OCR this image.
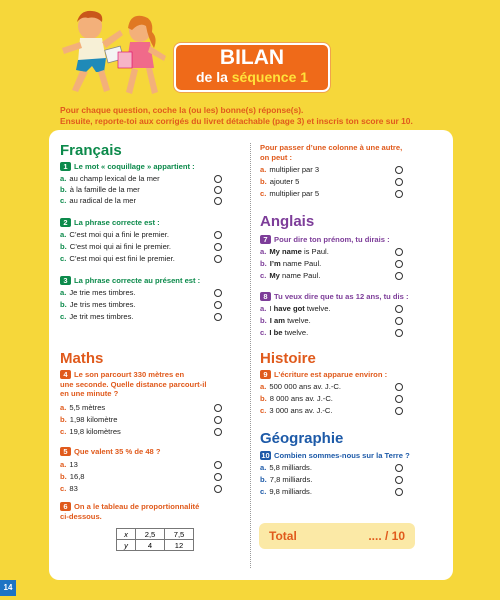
BILAN
de la séquence 1
Pour chaque question, coche la (ou les) bonne(s) réponse(s).
Ensuite, reporte-toi aux corrigés du livret détachable (page 3) et inscris ton score sur 10.
Français
1 Le mot « coquillage » appartient :
a. au champ lexical de la mer
b. à la famille de la mer
c. au radical de la mer
2 La phrase correcte est :
a. C’est moi qui a fini le premier.
b. C’est moi qui ai fini le premier.
c. C’est moi qui est fini le premier.
3 La phrase correcte au présent est :
a. Je trie mes timbres.
b. Je tris mes timbres.
c. Je trit mes timbres.
Maths
4 Le son parcourt 330 mètres en
une seconde. Quelle distance parcourt-il
en une minute ?
a. 5,5 mètres
b. 1,98 kilomètre
c. 19,8 kilomètres
5 Que valent 35 % de 48 ?
a. 13
b. 16,8
c. 83
6 On a le tableau de proportionnalité
ci-dessous.
x	2,5	7,5
y	4	12
Pour passer d’une colonne à une autre,
on peut :
a. multiplier par 3
b. ajouter 5
c. multiplier par 5
Anglais
7 Pour dire ton prénom, tu dirais :
a. My name is Paul.
b. I’m name Paul.
c. My name Paul.
8 Tu veux dire que tu as 12 ans, tu dis :
a. I have got twelve.
b. I am twelve.
c. I be twelve.
Histoire
9 L’écriture est apparue environ :
a. 500 000 ans av. J.-C.
b. 8 000 ans av. J.-C.
c. 3 000 ans av. J.-C.
Géographie
10 Combien sommes-nous sur la Terre ?
a. 5,8 milliards.
b. 7,8 milliards.
c. 9,8 milliards.
Total	.... / 10
14
